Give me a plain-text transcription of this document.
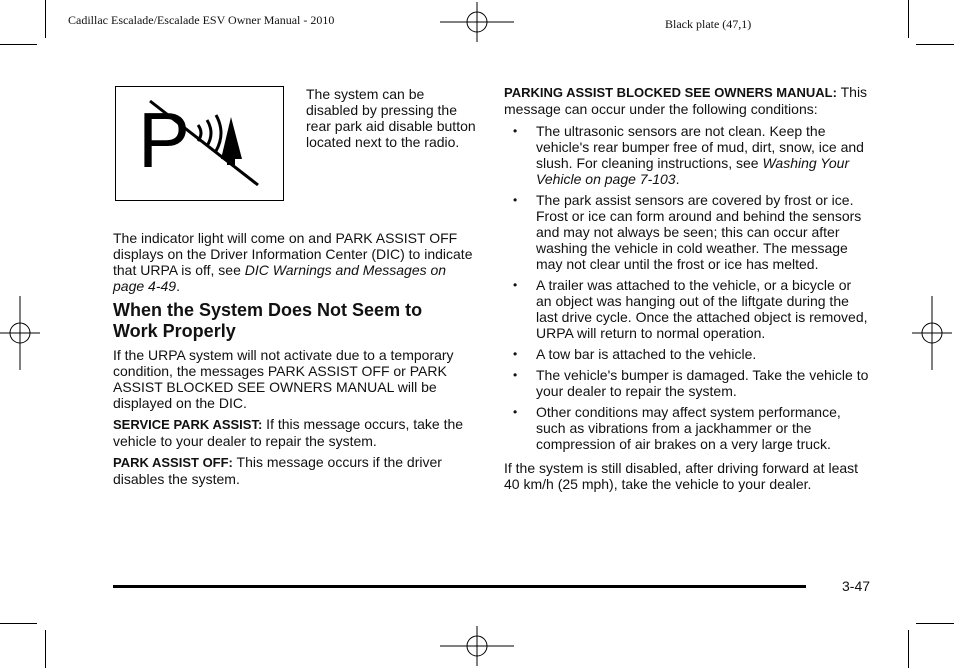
Cadillac Escalade/Escalade ESV Owner Manual - 2010	Black plate (47,1)
P
The system can be disabled by pressing the rear park aid disable button located next to the radio.

The indicator light will come on and PARK ASSIST OFF displays on the Driver Information Center (DIC) to indicate that URPA is off, see DIC Warnings and Messages on page 4-49.

When the System Does Not Seem to Work Properly

If the URPA system will not activate due to a temporary condition, the messages PARK ASSIST OFF or PARK ASSIST BLOCKED SEE OWNERS MANUAL will be displayed on the DIC.

SERVICE PARK ASSIST: If this message occurs, take the vehicle to your dealer to repair the system.

PARK ASSIST OFF: This message occurs if the driver disables the system.

PARKING ASSIST BLOCKED SEE OWNERS MANUAL: This message can occur under the following conditions:

• The ultrasonic sensors are not clean. Keep the vehicle's rear bumper free of mud, dirt, snow, ice and slush. For cleaning instructions, see Washing Your Vehicle on page 7-103.
• The park assist sensors are covered by frost or ice. Frost or ice can form around and behind the sensors and may not always be seen; this can occur after washing the vehicle in cold weather. The message may not clear until the frost or ice has melted.
• A trailer was attached to the vehicle, or a bicycle or an object was hanging out of the liftgate during the last drive cycle. Once the attached object is removed, URPA will return to normal operation.
• A tow bar is attached to the vehicle.
• The vehicle's bumper is damaged. Take the vehicle to your dealer to repair the system.
• Other conditions may affect system performance, such as vibrations from a jackhammer or the compression of air brakes on a very large truck.

If the system is still disabled, after driving forward at least 40 km/h (25 mph), take the vehicle to your dealer.

3-47
